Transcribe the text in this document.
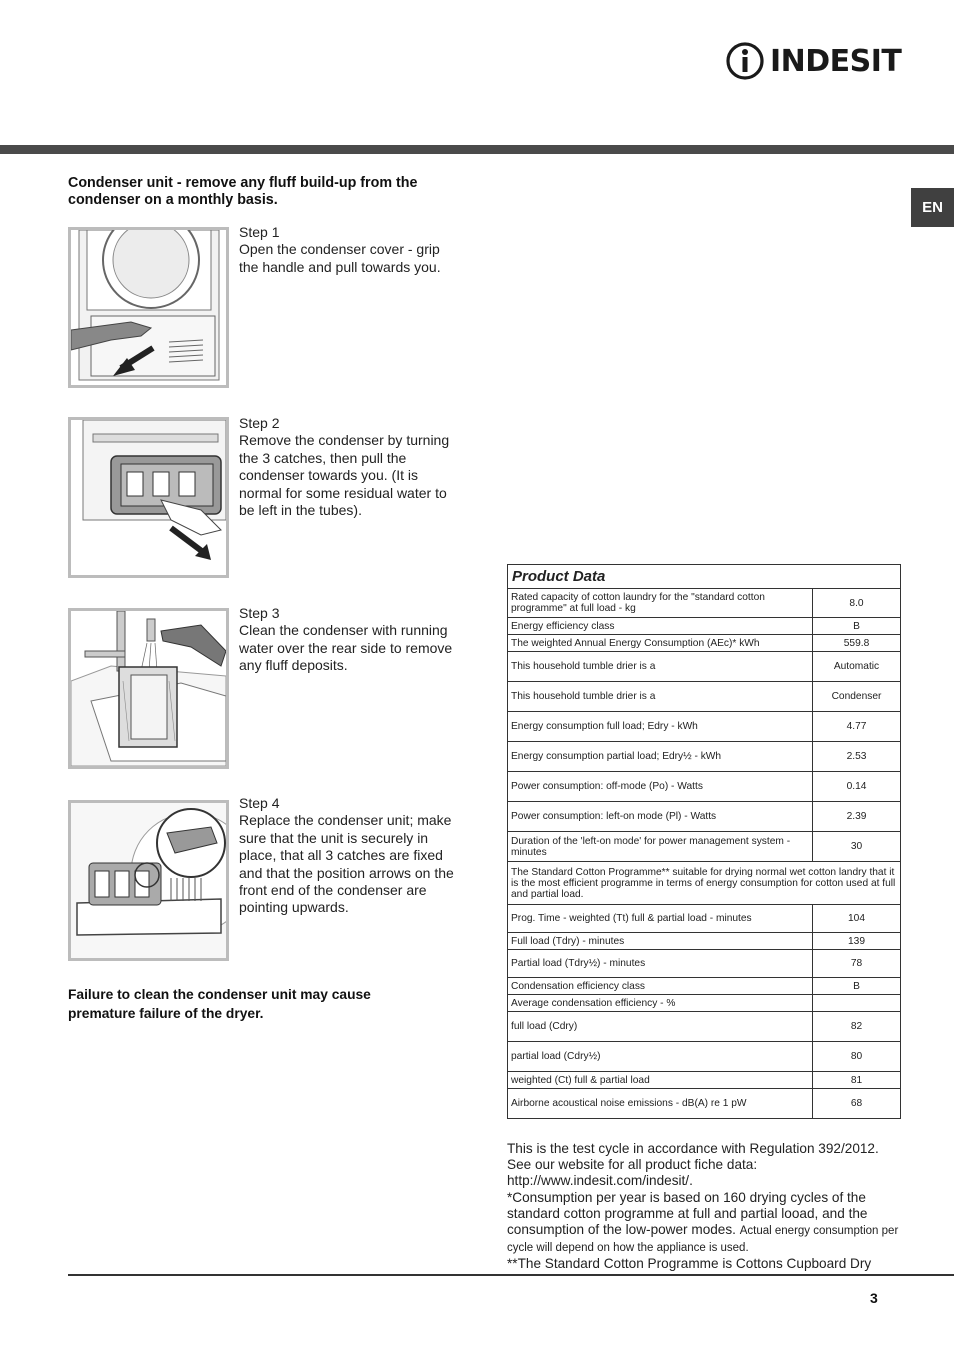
INDESIT
EN
Condenser unit - remove any fluff build-up from the condenser on a monthly basis.
Step 1
Open the condenser cover - grip the handle and pull towards you.
Step 2
Remove the condenser by turning the 3 catches, then pull the condenser towards you. (It is normal for some residual water to be left in the tubes).
Step 3
Clean the condenser with running water over the rear side to remove any fluff deposits.
Step 4
Replace the condenser unit; make sure that the unit is securely in place, that all 3 catches are fixed and that the position arrows on the front end of the condenser are pointing upwards.
Failure to clean the condenser unit may cause premature failure of the dryer.
Product Data	
Rated capacity of cotton laundry for the "standard cotton programme" at full load - kg	8.0
Energy efficiency class	B
The weighted Annual Energy Consumption (AEc)* kWh	559.8
This household tumble drier is a	Automatic
This household tumble drier is a	Condenser
Energy consumption full load; Edry - kWh	4.77
Energy consumption partial load; Edry½ - kWh	2.53
Power consumption: off-mode (Po) - Watts	0.14
Power consumption: left-on mode (Pl) - Watts	2.39
Duration of the 'left-on mode' for power management system - minutes	30
The Standard Cotton Programme** suitable for drying normal wet cotton landry that it is the most efficient programme in terms of energy consumption for cotton used at full and partial load.	
Prog. Time - weighted (Tt) full & partial load - minutes	104
Full load (Tdry) - minutes	139
Partial load (Tdry½) - minutes	78
Condensation efficiency class	B
Average condensation efficiency - %	
full load (Cdry)	82
partial load (Cdry½)	80
weighted (Ct) full & partial load	81
Airborne acoustical noise emissions - dB(A) re 1 pW	68
This is the test cycle in accordance with Regulation 392/2012.
See our website for all product fiche data:
http://www.indesit.com/indesit/.
*Consumption per year is based on 160 drying cycles of the standard cotton programme at full and partial looad, and the consumption of the low-power modes. Actual energy consumption per cycle will depend on how the appliance is used.
**The Standard Cotton Programme is Cottons Cupboard Dry
3
